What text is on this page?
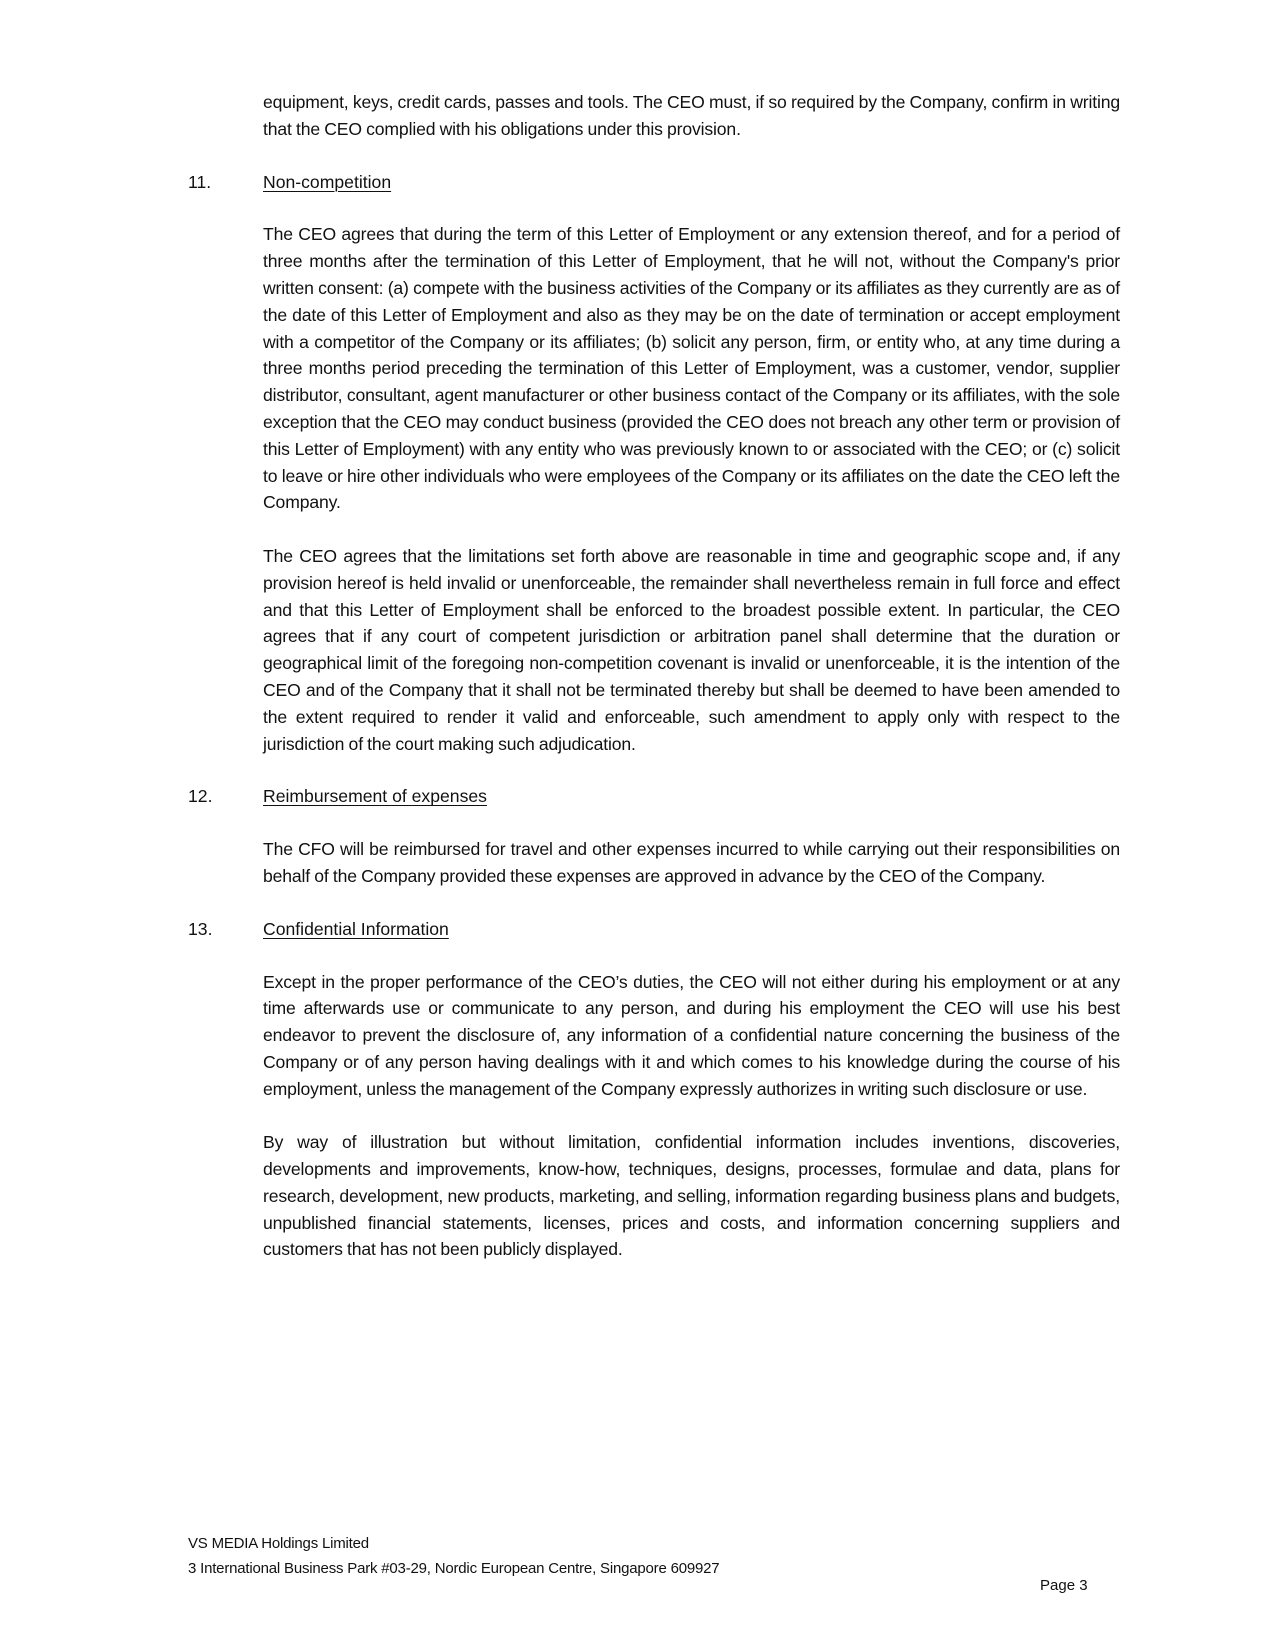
equipment, keys, credit cards, passes and tools. The CEO must, if so required by the Company, confirm in writing that the CEO complied with his obligations under this provision.

11.	Non-competition

The CEO agrees that during the term of this Letter of Employment or any extension thereof, and for a period of three months after the termination of this Letter of Employment, that he will not, without the Company's prior written consent: (a) compete with the business activities of the Company or its affiliates as they currently are as of the date of this Letter of Employment and also as they may be on the date of termination or accept employment with a competitor of the Company or its affiliates; (b) solicit any person, firm, or entity who, at any time during a three months period preceding the termination of this Letter of Employment, was a customer, vendor, supplier distributor, consultant, agent manufacturer or other business contact of the Company or its affiliates, with the sole exception that the CEO may conduct business (provided the CEO does not breach any other term or provision of this Letter of Employment) with any entity who was previously known to or associated with the CEO; or (c) solicit to leave or hire other individuals who were employees of the Company or its affiliates on the date the CEO left the Company.

The CEO agrees that the limitations set forth above are reasonable in time and geographic scope and, if any provision hereof is held invalid or unenforceable, the remainder shall nevertheless remain in full force and effect and that this Letter of Employment shall be enforced to the broadest possible extent. In particular, the CEO agrees that if any court of competent jurisdiction or arbitration panel shall determine that the duration or geographical limit of the foregoing non-competition covenant is invalid or unenforceable, it is the intention of the CEO and of the Company that it shall not be terminated thereby but shall be deemed to have been amended to the extent required to render it valid and enforceable, such amendment to apply only with respect to the jurisdiction of the court making such adjudication.

12.	Reimbursement of expenses

The CFO will be reimbursed for travel and other expenses incurred to while carrying out their responsibilities on behalf of the Company provided these expenses are approved in advance by the CEO of the Company.

13.	Confidential Information

Except in the proper performance of the CEO’s duties, the CEO will not either during his employment or at any time afterwards use or communicate to any person, and during his employment the CEO will use his best endeavor to prevent the disclosure of, any information of a confidential nature concerning the business of the Company or of any person having dealings with it and which comes to his knowledge during the course of his employment, unless the management of the Company expressly authorizes in writing such disclosure or use.

By way of illustration but without limitation, confidential information includes inventions, discoveries, developments and improvements, know-how, techniques, designs, processes, formulae and data, plans for research, development, new products, marketing, and selling, information regarding business plans and budgets, unpublished financial statements, licenses, prices and costs, and information concerning suppliers and customers that has not been publicly displayed.

VS MEDIA Holdings Limited
3 International Business Park #03-29, Nordic European Centre, Singapore 609927
Page 3
